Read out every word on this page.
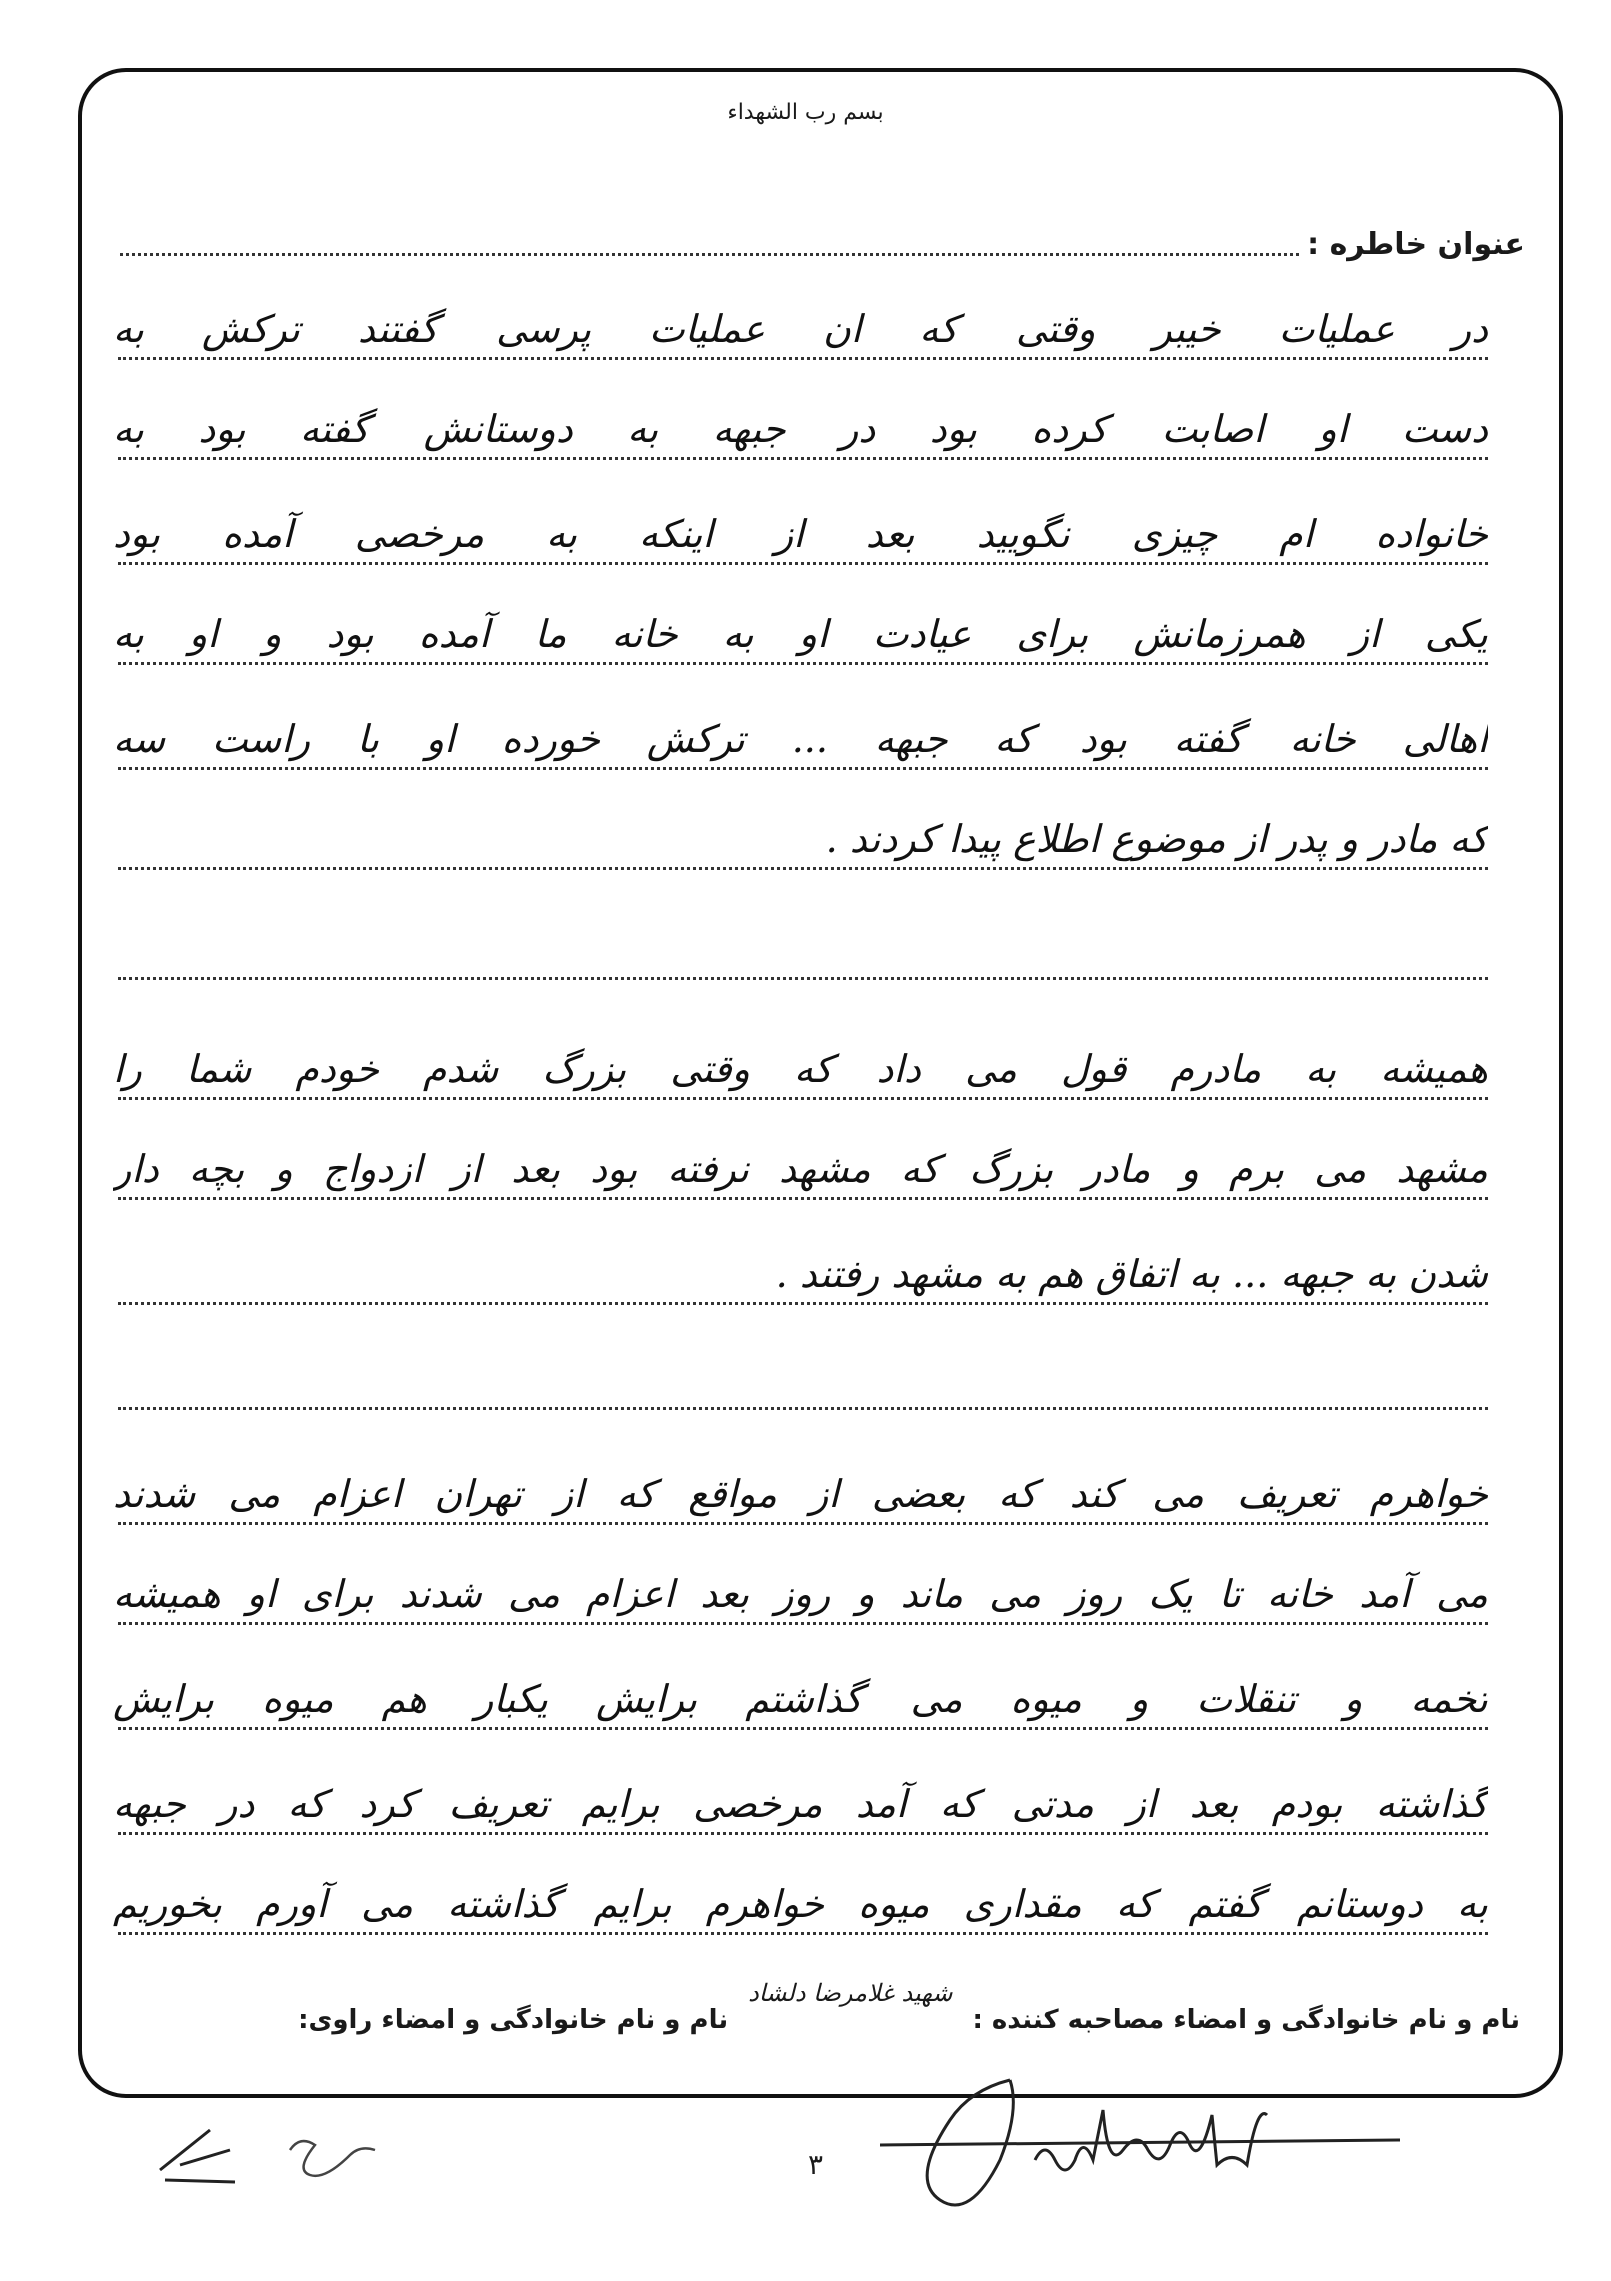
بسم رب الشهداء
عنوان خاطره :
در عملیات خیبر وقتی که ان عملیات پرسی گفتند ترکش به
دست او اصابت کرده بود در جبهه به دوستانش گفته بود به
خانواده ام چیزی نگویید بعد از اینکه به مرخصی آمده بود
یکی از همرزمانش برای عیادت او به خانه ما آمده بود و او به
اهالی خانه گفته بود که جبهه ... ترکش خورده او با راست سه
که مادر و پدر از موضوع اطلاع پیدا کردند .
همیشه به مادرم قول می داد که وقتی بزرگ شدم خودم شما را
مشهد می برم و مادر بزرگ که مشهد نرفته بود بعد از ازدواج و بچه دار
شدن به جبهه ... به اتفاق هم به مشهد رفتند .
خواهرم تعریف می کند که بعضی از مواقع که از تهران اعزام می شدند
می آمد خانه تا یک روز می ماند و روز بعد اعزام می شدند برای او همیشه
تخمه و تنقلات و میوه می گذاشتم برایش یکبار هم میوه برایش
گذاشته بودم بعد از مدتی که آمد مرخصی برایم تعریف کرد که در جبهه
به دوستانم گفتم که مقداری میوه خواهرم برایم گذاشته می آورم بخوریم
نام و نام خانوادگی و امضاء مصاحبه کننده :
شهید غلامرضا دلشاد
نام و نام خانوادگی و امضاء راوی:
۳
